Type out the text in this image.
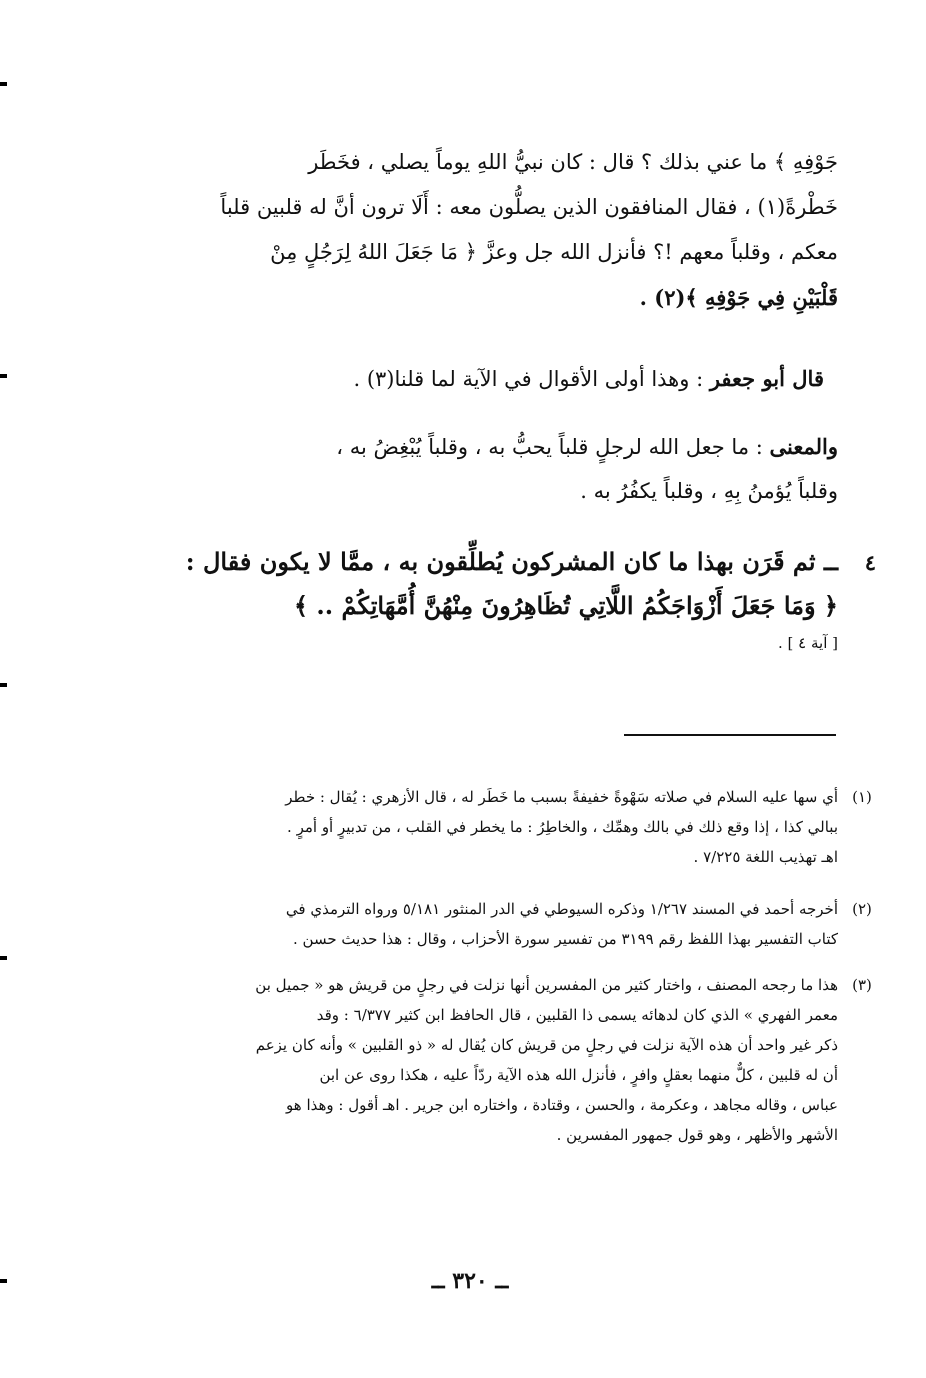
جَوْفِهِ ﴾ ما عني بذلك ؟ قال : كان نبيُّ اللهِ يوماً يصلي ، فخَطَر
خَطْرةً(١) ، فقال المنافقون الذين يصلُّون معه : أَلَا ترون أنَّ له قلبين قلباً
معكم ، وقلباً معهم !؟ فأنزل الله جل وعزَّ ﴿ مَا جَعَلَ اللهُ لِرَجُلٍ مِنْ
قَلْبَيْنِ فِي جَوْفِهِ ﴾(٢) .
قال أبو جعفر : وهذا أولى الأقوال في الآية لما قلنا(٣) .
والمعنى : ما جعل الله لرجلٍ قلباً يحبُّ به ، وقلباً يُبْغِضُ به ،
وقلباً يُؤمنُ بِهِ ، وقلباً يكفُرُ به .
٤
ــ ثم قَرَن بهذا ما كان المشركون يُطلِّقون به ، ممَّا لا يكون فقال :
﴿ وَمَا جَعَلَ أَزْوَاجَكُمُ اللَّاتِي تُظَاهِرُونَ مِنْهُنَّ أُمَّهَاتِكُمْ .. ﴾
[ آية ٤ ] .
(١)
أي سها عليه السلام في صلاته سَهْوةً خفيفةً بسبب ما خَطَر له ، قال الأزهري : يُقال : خطر
ببالي كذا ، إذا وقع ذلك في بالك وهمِّك ، والخاطِرُ : ما يخطر في القلب ، من تدبيرٍ أو أمرٍ .
اهـ تهذيب اللغة ٧/٢٢٥ .
(٢)
أخرجه أحمد في المسند ١/٢٦٧ وذكره السيوطي في الدر المنثور ٥/١٨١ ورواه الترمذي في
كتاب التفسير بهذا اللفظ رقم ٣١٩٩ من تفسير سورة الأحزاب ، وقال : هذا حديث حسن .
(٣)
هذا ما رجحه المصنف ، واختار كثير من المفسرين أنها نزلت في رجلٍ من قريش هو « جميل بن
معمر الفهري » الذي كان لدهائه يسمى ذا القلبين ، قال الحافظ ابن كثير ٦/٣٧٧ : وقد
ذكر غير واحد أن هذه الآية نزلت في رجلٍ من قريش كان يُقال له « ذو القلبين » وأنه كان يزعم
أن له قلبين ، كلٌّ منهما بعقلٍ وافرٍ ، فأنزل الله هذه الآية ردّاً عليه ، هكذا روى عن ابن
عباس ، وقاله مجاهد ، وعكرمة ، والحسن ، وقتادة ، واختاره ابن جرير . اهـ أقول : وهذا هو
الأشهر والأظهر ، وهو قول جمهور المفسرين .
ــ ٣٢٠ ــ
